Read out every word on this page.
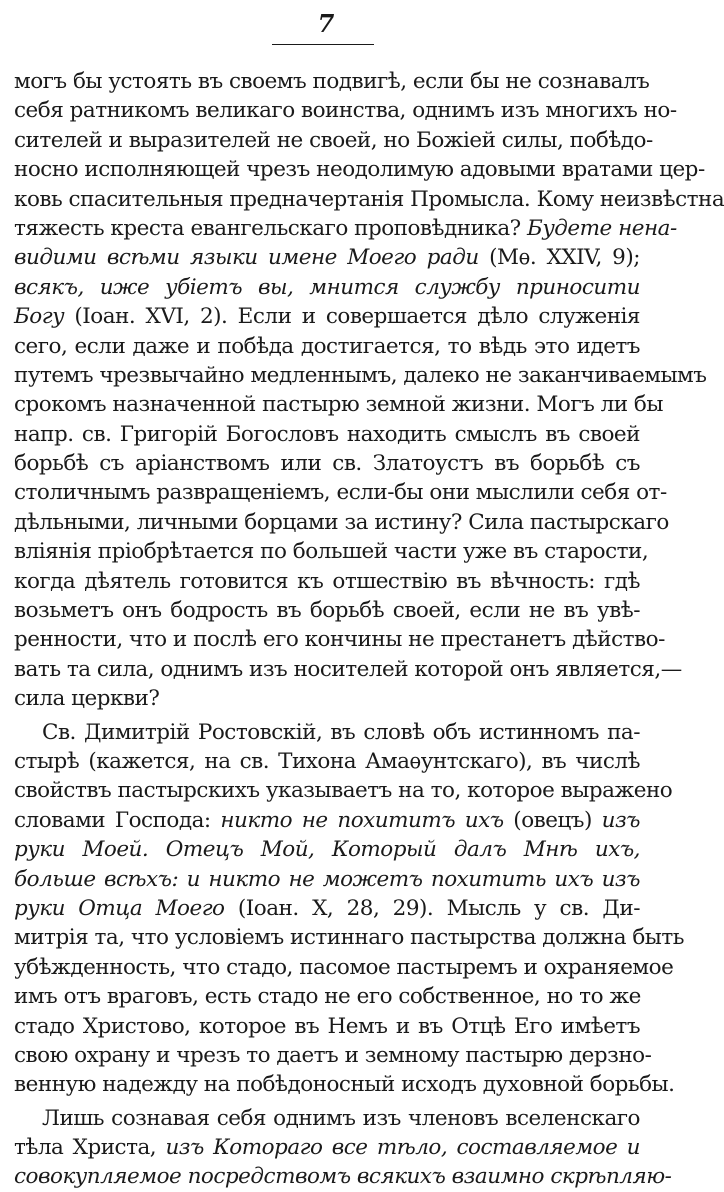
7
могъ бы устоять въ своемъ подвигѣ, если бы не сознавалъ
себя ратникомъ великаго воинства, однимъ изъ многихъ но-
сителей и выразителей не своей, но Божіей силы, побѣдо-
носно исполняющей чрезъ неодолимую адовыми вратами цер-
ковь спасительныя предначертанія Промысла. Кому неизвѣстна
тяжесть креста евангельскаго проповѣдника? Будете нена-
видими всѣми языки имене Моего ради (Мѳ. XXIV, 9);
всякъ, иже убіетъ вы, мнится службу приносити
Богу (Іоан. XVI, 2). Если и совершается дѣло служенія
сего, если даже и побѣда достигается, то вѣдь это идетъ
путемъ чрезвычайно медленнымъ, далеко не заканчиваемымъ
срокомъ назначенной пастырю земной жизни. Могъ ли бы
напр. св. Григорій Богословъ находить смыслъ въ своей
борьбѣ съ аріанствомъ или св. Златоустъ въ борьбѣ съ
столичнымъ развращеніемъ, если-бы они мыслили себя от-
дѣльными, личными борцами за истину? Сила пастырскаго
вліянія пріобрѣтается по большей части уже въ старости,
когда дѣятель готовится къ отшествію въ вѣчность: гдѣ
возьметъ онъ бодрость въ борьбѣ своей, если не въ увѣ-
ренности, что и послѣ его кончины не престанетъ дѣйство-
вать та сила, однимъ изъ носителей которой онъ является,—
сила церкви?
Св. Димитрій Ростовскій, въ словѣ объ истинномъ па-
стырѣ (кажется, на св. Тихона Амаѳунтскаго), въ числѣ
свойствъ пастырскихъ указываетъ на то, которое выражено
словами Господа: никто не похититъ ихъ (овецъ) изъ
руки Моей. Отецъ Мой, Который далъ Мнѣ ихъ,
больше всѣхъ: и никто не можетъ похитить ихъ изъ
руки Отца Моего (Іоан. X, 28, 29). Мысль у св. Ди-
митрія та, что условіемъ истиннаго пастырства должна быть
убѣжденность, что стадо, пасомое пастыремъ и охраняемое
имъ отъ враговъ, есть стадо не его собственное, но то же
стадо Христово, которое въ Немъ и въ Отцѣ Его имѣетъ
свою охрану и чрезъ то даетъ и земному пастырю дерзно-
венную надежду на побѣдоносный исходъ духовной борьбы.
Лишь сознавая себя однимъ изъ членовъ вселенскаго
тѣла Христа, изъ Котораго все тѣло, составляемое и
совокупляемое посредствомъ всякихъ взаимно скрѣпляю-
